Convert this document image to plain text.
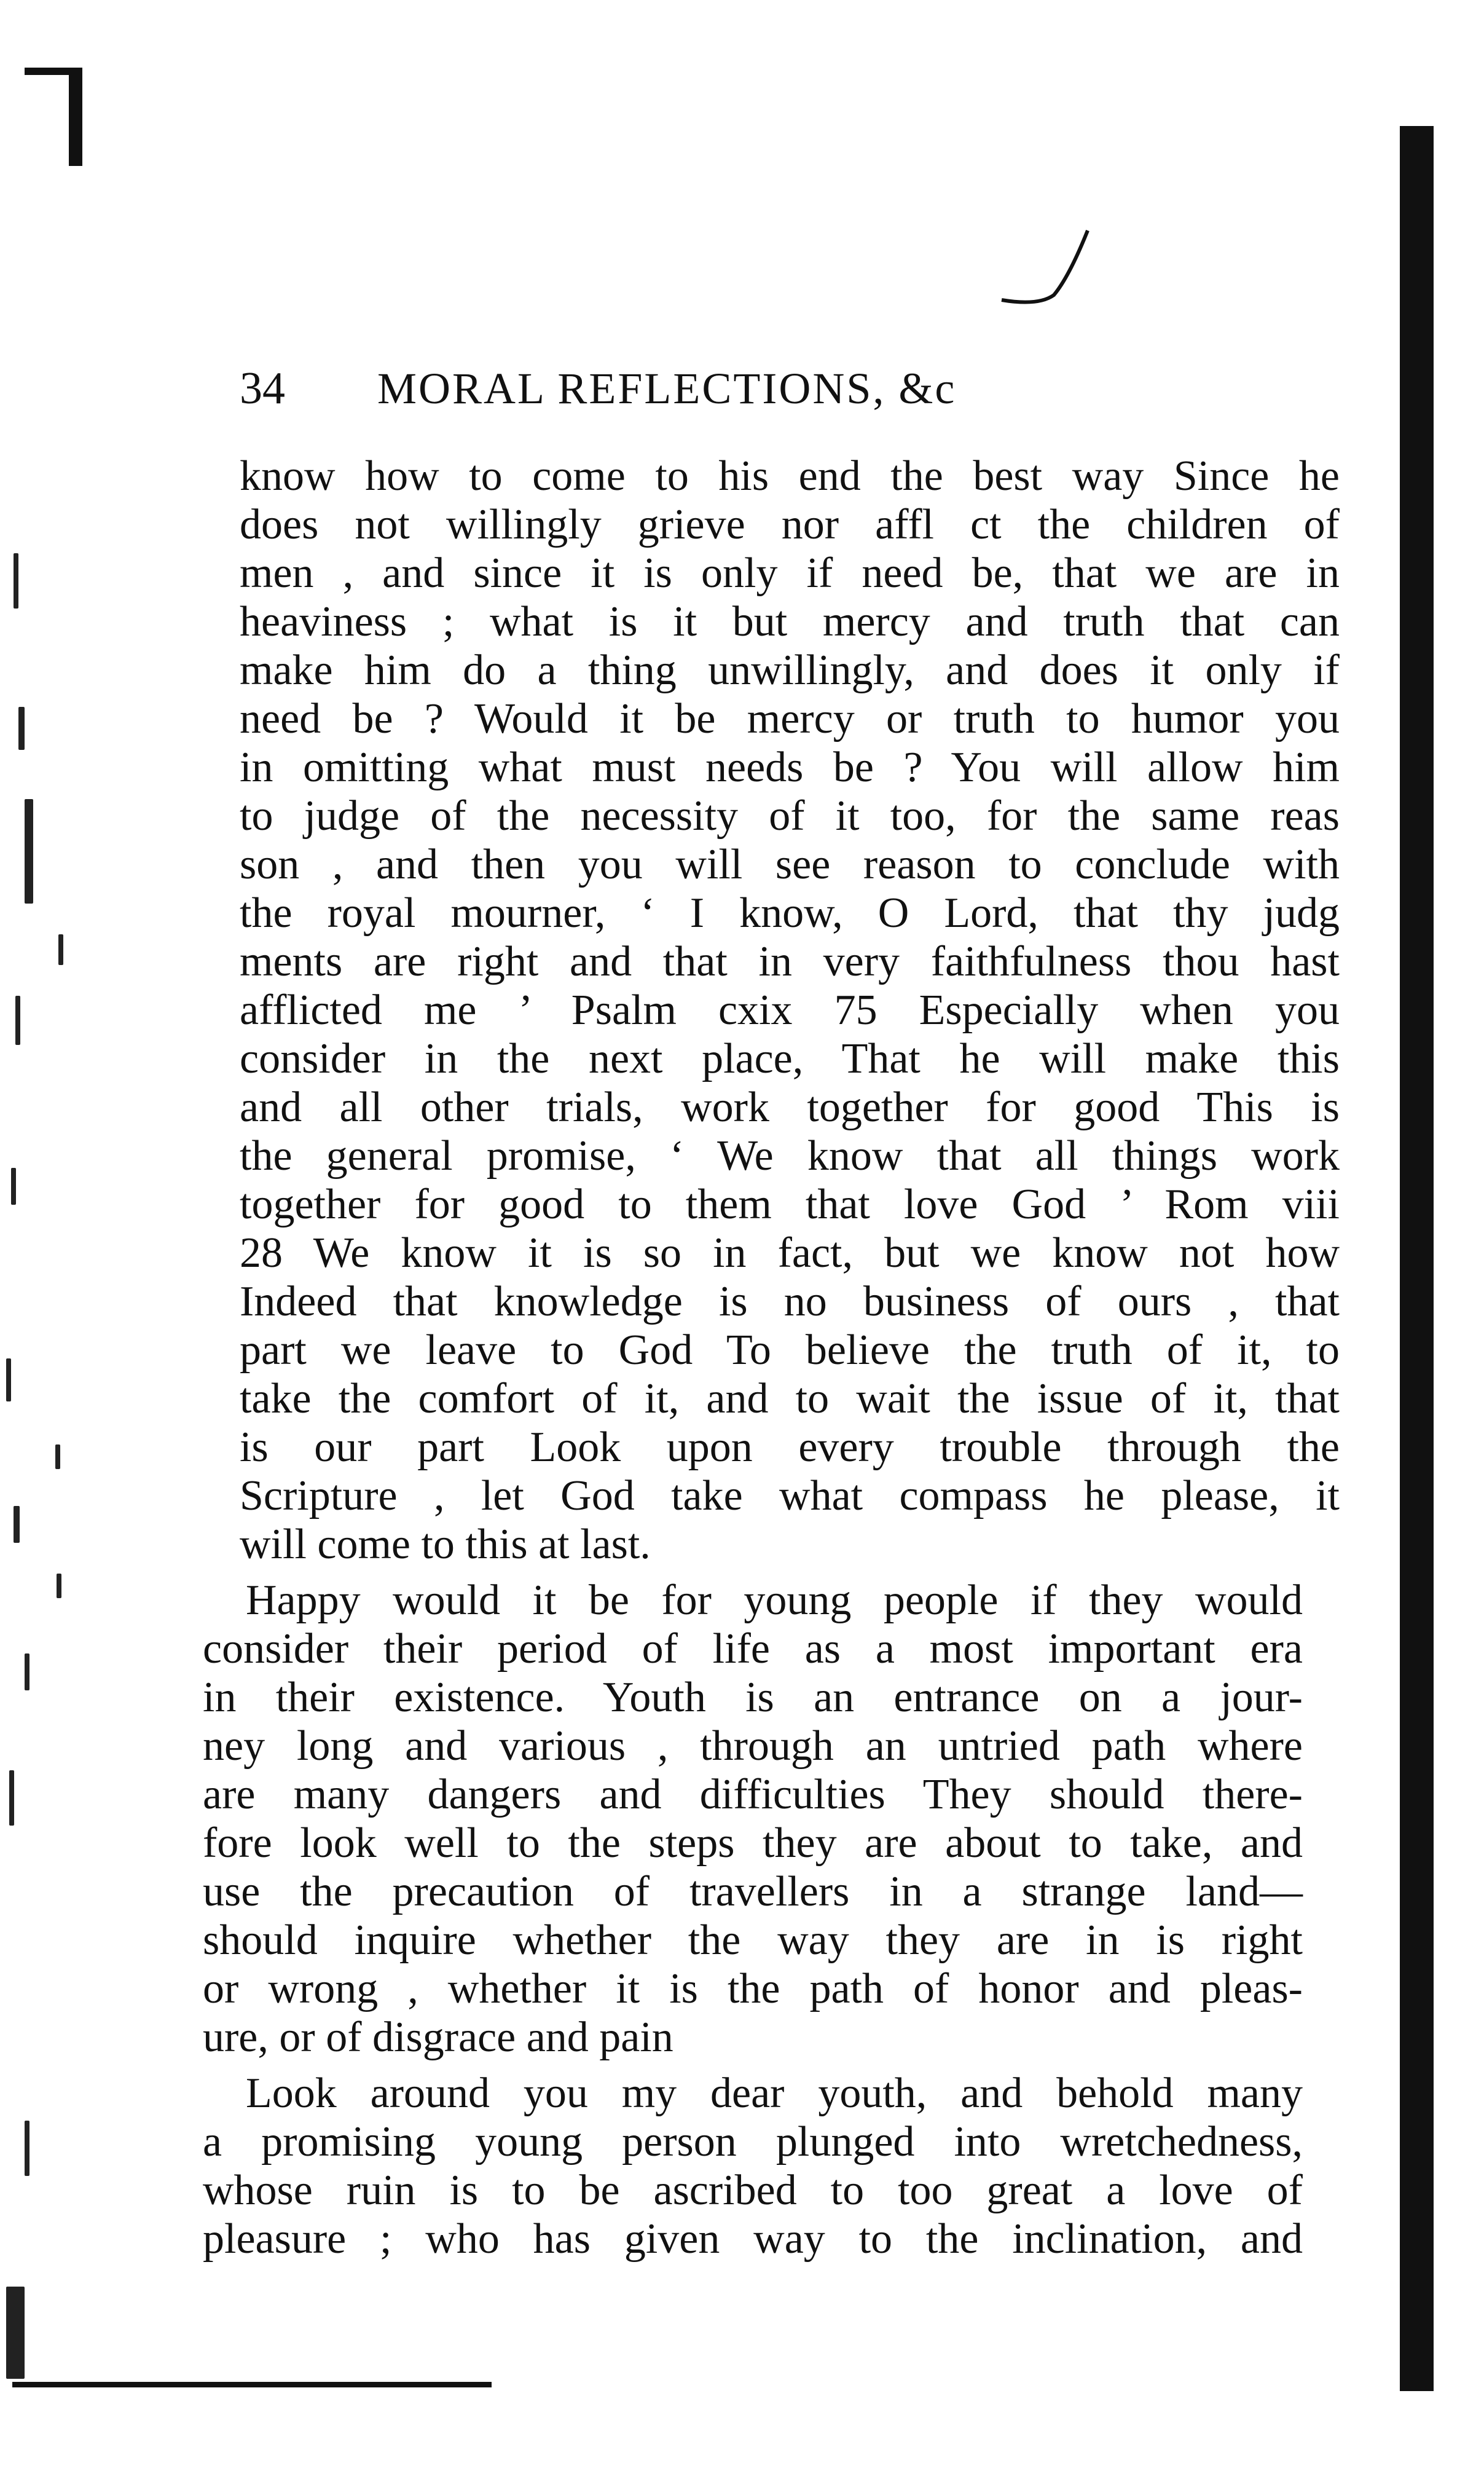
34 MORAL REFLECTIONS, &c

know how to come to his end the best way Since he
does not willingly grieve nor affl ct the children of
men , and since it is only if need be, that we are in
heaviness ; what is it but mercy and truth that can
make him do a thing unwillingly, and does it only if
need be ? Would it be mercy or truth to humor you
in omitting what must needs be ? You will allow him
to judge of the necessity of it too, for the same reas
son , and then you will see reason to conclude with
the royal mourner, ‘ I know, O Lord, that thy judg
ments are right and that in very faithfulness thou hast
afflicted me ’ Psalm cxix 75 Especially when you
consider in the next place, That he will make this
and all other trials, work together for good This is
the general promise, ‘ We know that all things work
together for good to them that love God ’ Rom viii
28 We know it is so in fact, but we know not how
Indeed that knowledge is no business of ours , that
part we leave to God To believe the truth of it, to
take the comfort of it, and to wait the issue of it, that
is our part Look upon every trouble through the
Scripture , let God take what compass he please, it
will come to this at last.

Happy would it be for young people if they would
consider their period of life as a most important era
in their existence. Youth is an entrance on a jour-
ney long and various , through an untried path where
are many dangers and difficulties They should there-
fore look well to the steps they are about to take, and
use the precaution of travellers in a strange land—
should inquire whether the way they are in is right
or wrong , whether it is the path of honor and pleas-
ure, or of disgrace and pain

Look around you my dear youth, and behold many
a promising young person plunged into wretchedness,
whose ruin is to be ascribed to too great a love of
pleasure ; who has given way to the inclination, and
